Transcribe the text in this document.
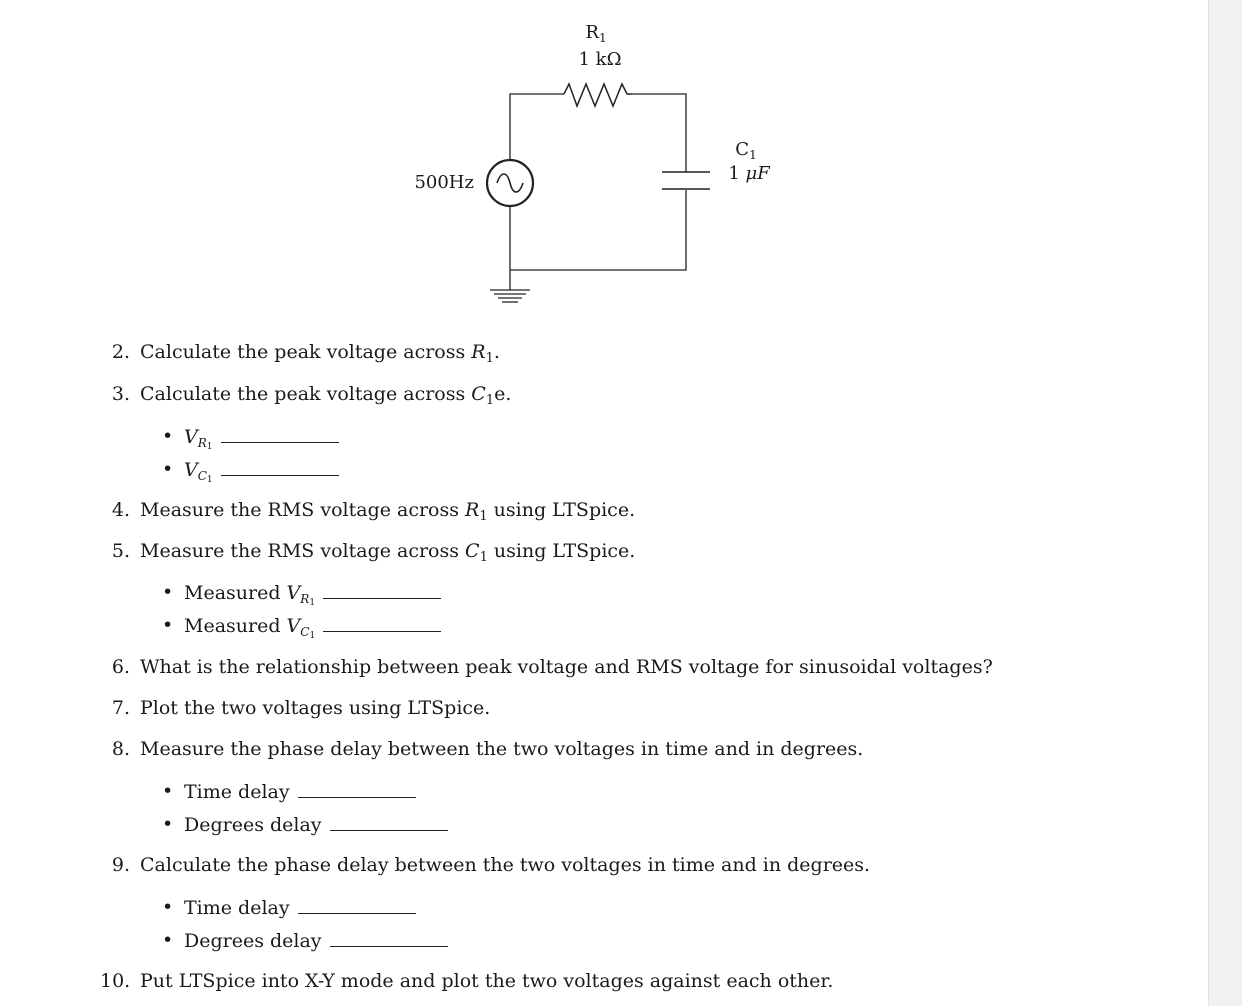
$R_1$
1 kΩ
$C_1$
1 μF
500Hz
2. Calculate the peak voltage across $R_1$.
3. Calculate the peak voltage across $C_1e$.
• $V_{R_1}$
• $V_{C_1}$
4. Measure the RMS voltage across $R_1$ using LTSpice.
5. Measure the RMS voltage across $C_1$ using LTSpice.
• Measured $V_{R_1}$
• Measured $V_{C_1}$
6. What is the relationship between peak voltage and RMS voltage for sinusoidal voltages?
7. Plot the two voltages using LTSpice.
8. Measure the phase delay between the two voltages in time and in degrees.
• Time delay
• Degrees delay
9. Calculate the phase delay between the two voltages in time and in degrees.
• Time delay
• Degrees delay
10. Put LTSpice into X-Y mode and plot the two voltages against each other.
